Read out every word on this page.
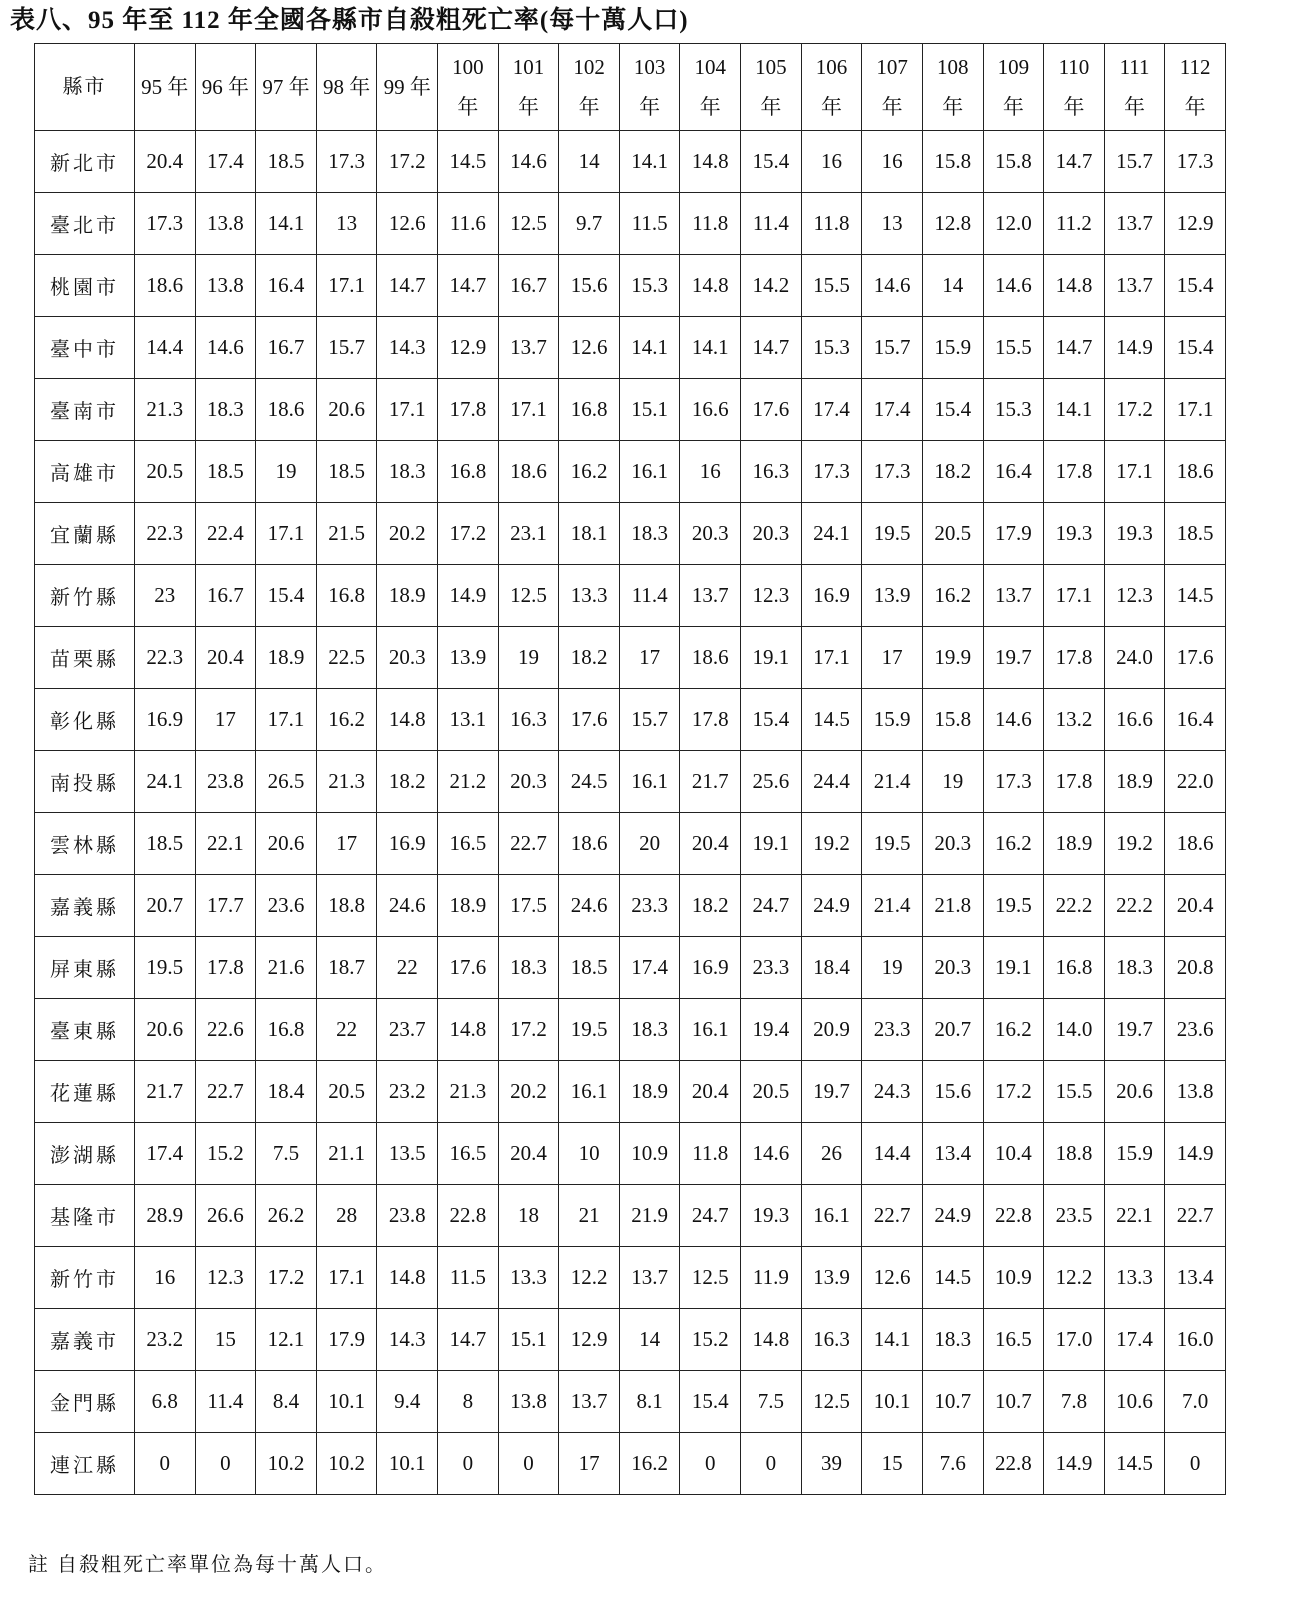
表八、95 年至 112 年全國各縣市自殺粗死亡率(每十萬人口)
縣市	95 年	96 年	97 年	98 年	99 年	100 年	101 年	102 年	103 年	104 年	105 年	106 年	107 年	108 年	109 年	110 年	111 年	112 年
新北市	20.4	17.4	18.5	17.3	17.2	14.5	14.6	14	14.1	14.8	15.4	16	16	15.8	15.8	14.7	15.7	17.3
臺北市	17.3	13.8	14.1	13	12.6	11.6	12.5	9.7	11.5	11.8	11.4	11.8	13	12.8	12.0	11.2	13.7	12.9
桃園市	18.6	13.8	16.4	17.1	14.7	14.7	16.7	15.6	15.3	14.8	14.2	15.5	14.6	14	14.6	14.8	13.7	15.4
臺中市	14.4	14.6	16.7	15.7	14.3	12.9	13.7	12.6	14.1	14.1	14.7	15.3	15.7	15.9	15.5	14.7	14.9	15.4
臺南市	21.3	18.3	18.6	20.6	17.1	17.8	17.1	16.8	15.1	16.6	17.6	17.4	17.4	15.4	15.3	14.1	17.2	17.1
高雄市	20.5	18.5	19	18.5	18.3	16.8	18.6	16.2	16.1	16	16.3	17.3	17.3	18.2	16.4	17.8	17.1	18.6
宜蘭縣	22.3	22.4	17.1	21.5	20.2	17.2	23.1	18.1	18.3	20.3	20.3	24.1	19.5	20.5	17.9	19.3	19.3	18.5
新竹縣	23	16.7	15.4	16.8	18.9	14.9	12.5	13.3	11.4	13.7	12.3	16.9	13.9	16.2	13.7	17.1	12.3	14.5
苗栗縣	22.3	20.4	18.9	22.5	20.3	13.9	19	18.2	17	18.6	19.1	17.1	17	19.9	19.7	17.8	24.0	17.6
彰化縣	16.9	17	17.1	16.2	14.8	13.1	16.3	17.6	15.7	17.8	15.4	14.5	15.9	15.8	14.6	13.2	16.6	16.4
南投縣	24.1	23.8	26.5	21.3	18.2	21.2	20.3	24.5	16.1	21.7	25.6	24.4	21.4	19	17.3	17.8	18.9	22.0
雲林縣	18.5	22.1	20.6	17	16.9	16.5	22.7	18.6	20	20.4	19.1	19.2	19.5	20.3	16.2	18.9	19.2	18.6
嘉義縣	20.7	17.7	23.6	18.8	24.6	18.9	17.5	24.6	23.3	18.2	24.7	24.9	21.4	21.8	19.5	22.2	22.2	20.4
屏東縣	19.5	17.8	21.6	18.7	22	17.6	18.3	18.5	17.4	16.9	23.3	18.4	19	20.3	19.1	16.8	18.3	20.8
臺東縣	20.6	22.6	16.8	22	23.7	14.8	17.2	19.5	18.3	16.1	19.4	20.9	23.3	20.7	16.2	14.0	19.7	23.6
花蓮縣	21.7	22.7	18.4	20.5	23.2	21.3	20.2	16.1	18.9	20.4	20.5	19.7	24.3	15.6	17.2	15.5	20.6	13.8
澎湖縣	17.4	15.2	7.5	21.1	13.5	16.5	20.4	10	10.9	11.8	14.6	26	14.4	13.4	10.4	18.8	15.9	14.9
基隆市	28.9	26.6	26.2	28	23.8	22.8	18	21	21.9	24.7	19.3	16.1	22.7	24.9	22.8	23.5	22.1	22.7
新竹市	16	12.3	17.2	17.1	14.8	11.5	13.3	12.2	13.7	12.5	11.9	13.9	12.6	14.5	10.9	12.2	13.3	13.4
嘉義市	23.2	15	12.1	17.9	14.3	14.7	15.1	12.9	14	15.2	14.8	16.3	14.1	18.3	16.5	17.0	17.4	16.0
金門縣	6.8	11.4	8.4	10.1	9.4	8	13.8	13.7	8.1	15.4	7.5	12.5	10.1	10.7	10.7	7.8	10.6	7.0
連江縣	0	0	10.2	10.2	10.1	0	0	17	16.2	0	0	39	15	7.6	22.8	14.9	14.5	0
註 自殺粗死亡率單位為每十萬人口。
